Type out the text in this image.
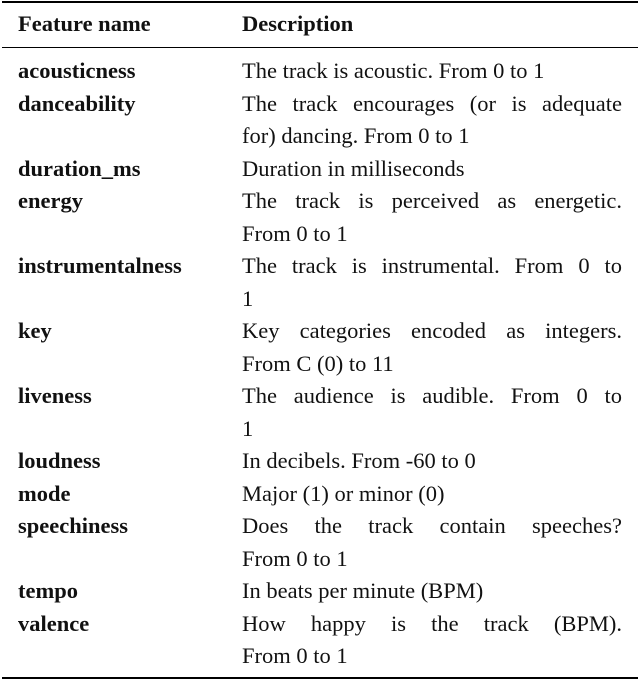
Feature name	Description
acousticness	The track is acoustic. From 0 to 1
danceability	The track encourages (or is adequate
for) dancing. From 0 to 1
duration_ms	Duration in milliseconds
energy	The track is perceived as energetic.
From 0 to 1
instrumentalness	The track is instrumental. From 0 to
1
key	Key categories encoded as integers.
From C (0) to 11
liveness	The audience is audible. From 0 to
1
loudness	In decibels. From -60 to 0
mode	Major (1) or minor (0)
speechiness	Does the track contain speeches?
From 0 to 1
tempo	In beats per minute (BPM)
valence	How happy is the track (BPM).
From 0 to 1
